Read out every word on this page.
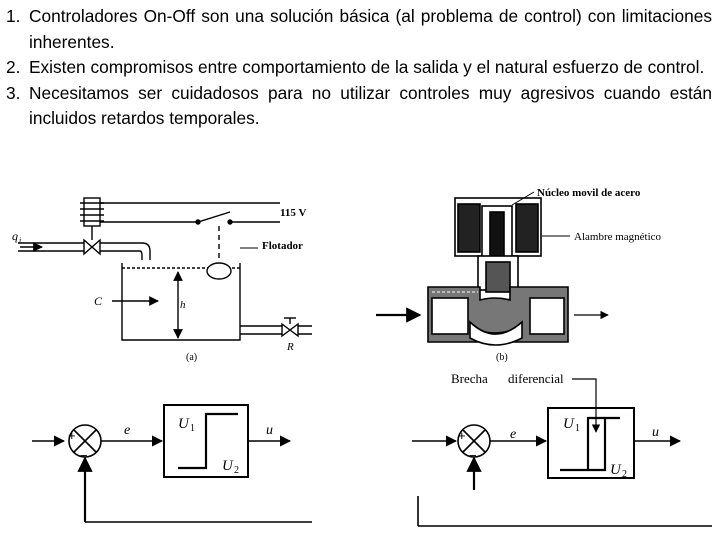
1. Controladores On-Off son una solución básica (al problema de control) con limitaciones inherentes.
2. Existen compromisos entre comportamiento de la salida y el natural esfuerzo de control.
3. Necesitamos ser cuidadosos para no utilizar controles muy agresivos cuando están incluidos retardos temporales.
115 V
Flotador
q i
C	h
R
(a)
Núcleo movil de acero
Alambre magnético
(b)
+
−
e	u
U 1
U 2
+
−
e	u
Brecha diferencial
U 1
U 2
